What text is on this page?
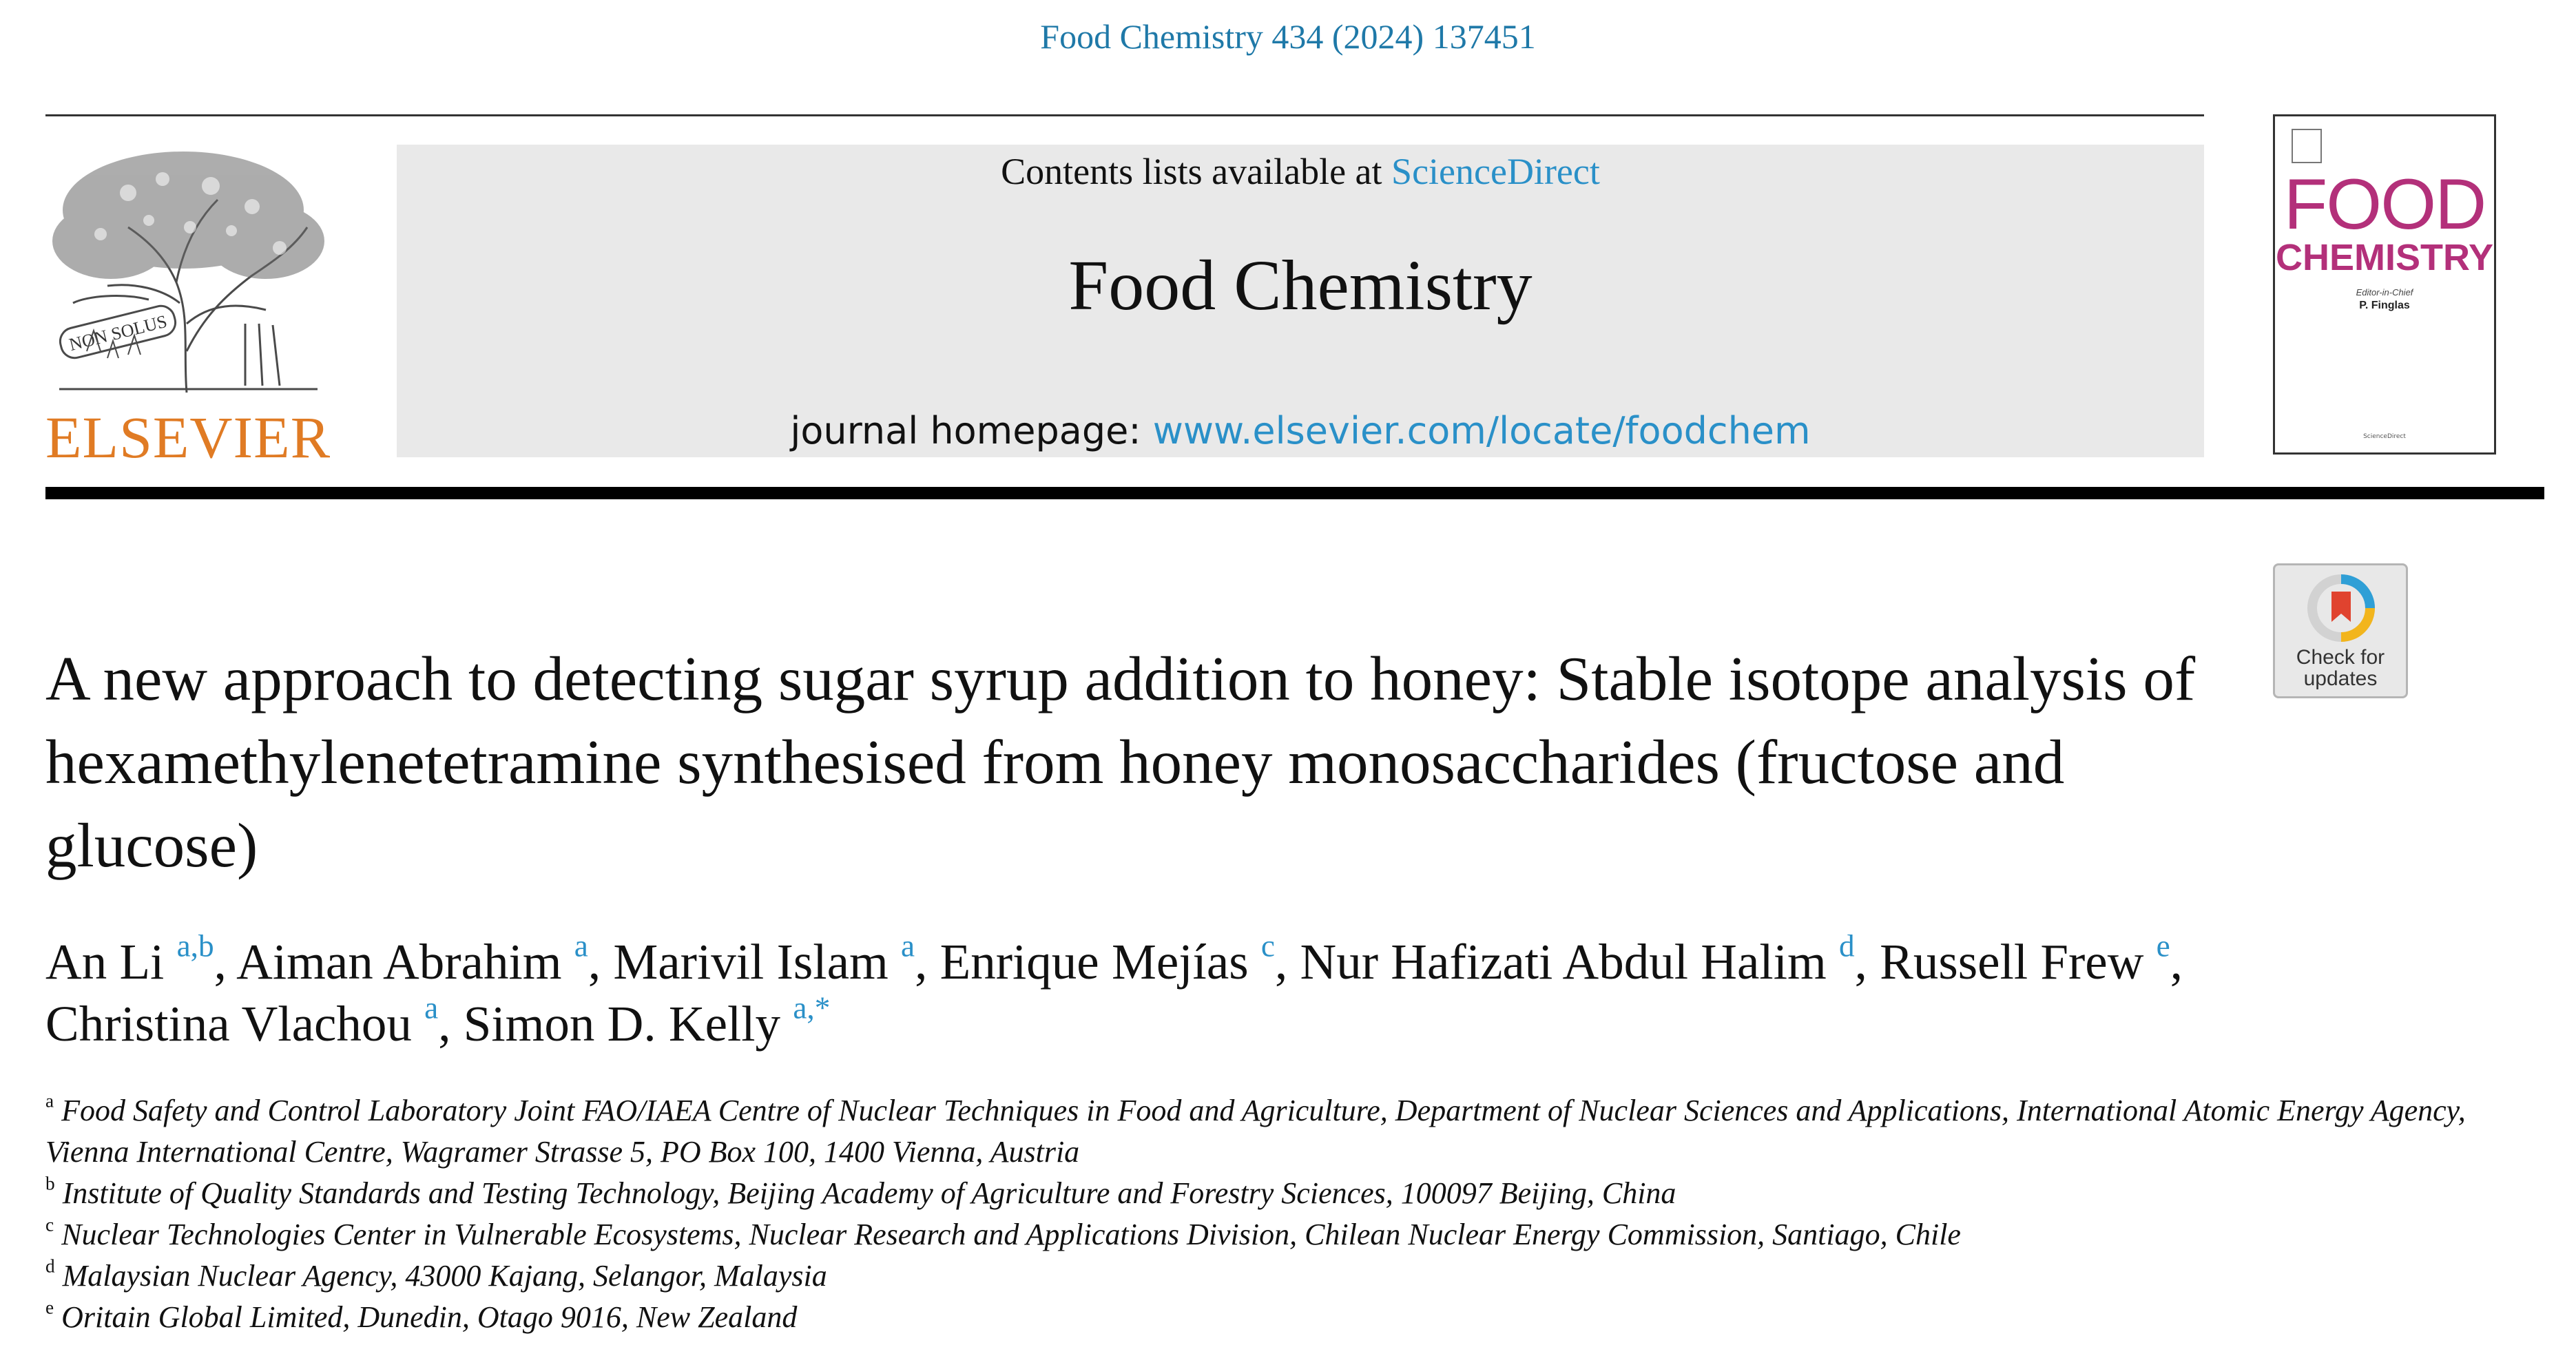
Food Chemistry 434 (2024) 137451
NON SOLUS
ELSEVIER
Contents lists available at ScienceDirect
Food Chemistry
journal homepage: www.elsevier.com/locate/foodchem
FOOD
CHEMISTRY
Editor-in-Chief
P. Finglas
ScienceDirect
Check for
updates
A new approach to detecting sugar syrup addition to honey: Stable isotope analysis of hexamethylenetetramine synthesised from honey monosaccharides (fructose and glucose)
An Li $^{a,b}$, Aiman Abrahim $^a$, Marivil Islam $^a$, Enrique Mejías $^c$, Nur Hafizati Abdul Halim $^d$, Russell Frew $^e$, Christina Vlachou $^a$, Simon D. Kelly $^{a,*}$
$^a$ Food Safety and Control Laboratory Joint FAO/IAEA Centre of Nuclear Techniques in Food and Agriculture, Department of Nuclear Sciences and Applications, International Atomic Energy Agency, Vienna International Centre, Wagramer Strasse 5, PO Box 100, 1400 Vienna, Austria
$^b$ Institute of Quality Standards and Testing Technology, Beijing Academy of Agriculture and Forestry Sciences, 100097 Beijing, China
$^c$ Nuclear Technologies Center in Vulnerable Ecosystems, Nuclear Research and Applications Division, Chilean Nuclear Energy Commission, Santiago, Chile
$^d$ Malaysian Nuclear Agency, 43000 Kajang, Selangor, Malaysia
$^e$ Oritain Global Limited, Dunedin, Otago 9016, New Zealand
